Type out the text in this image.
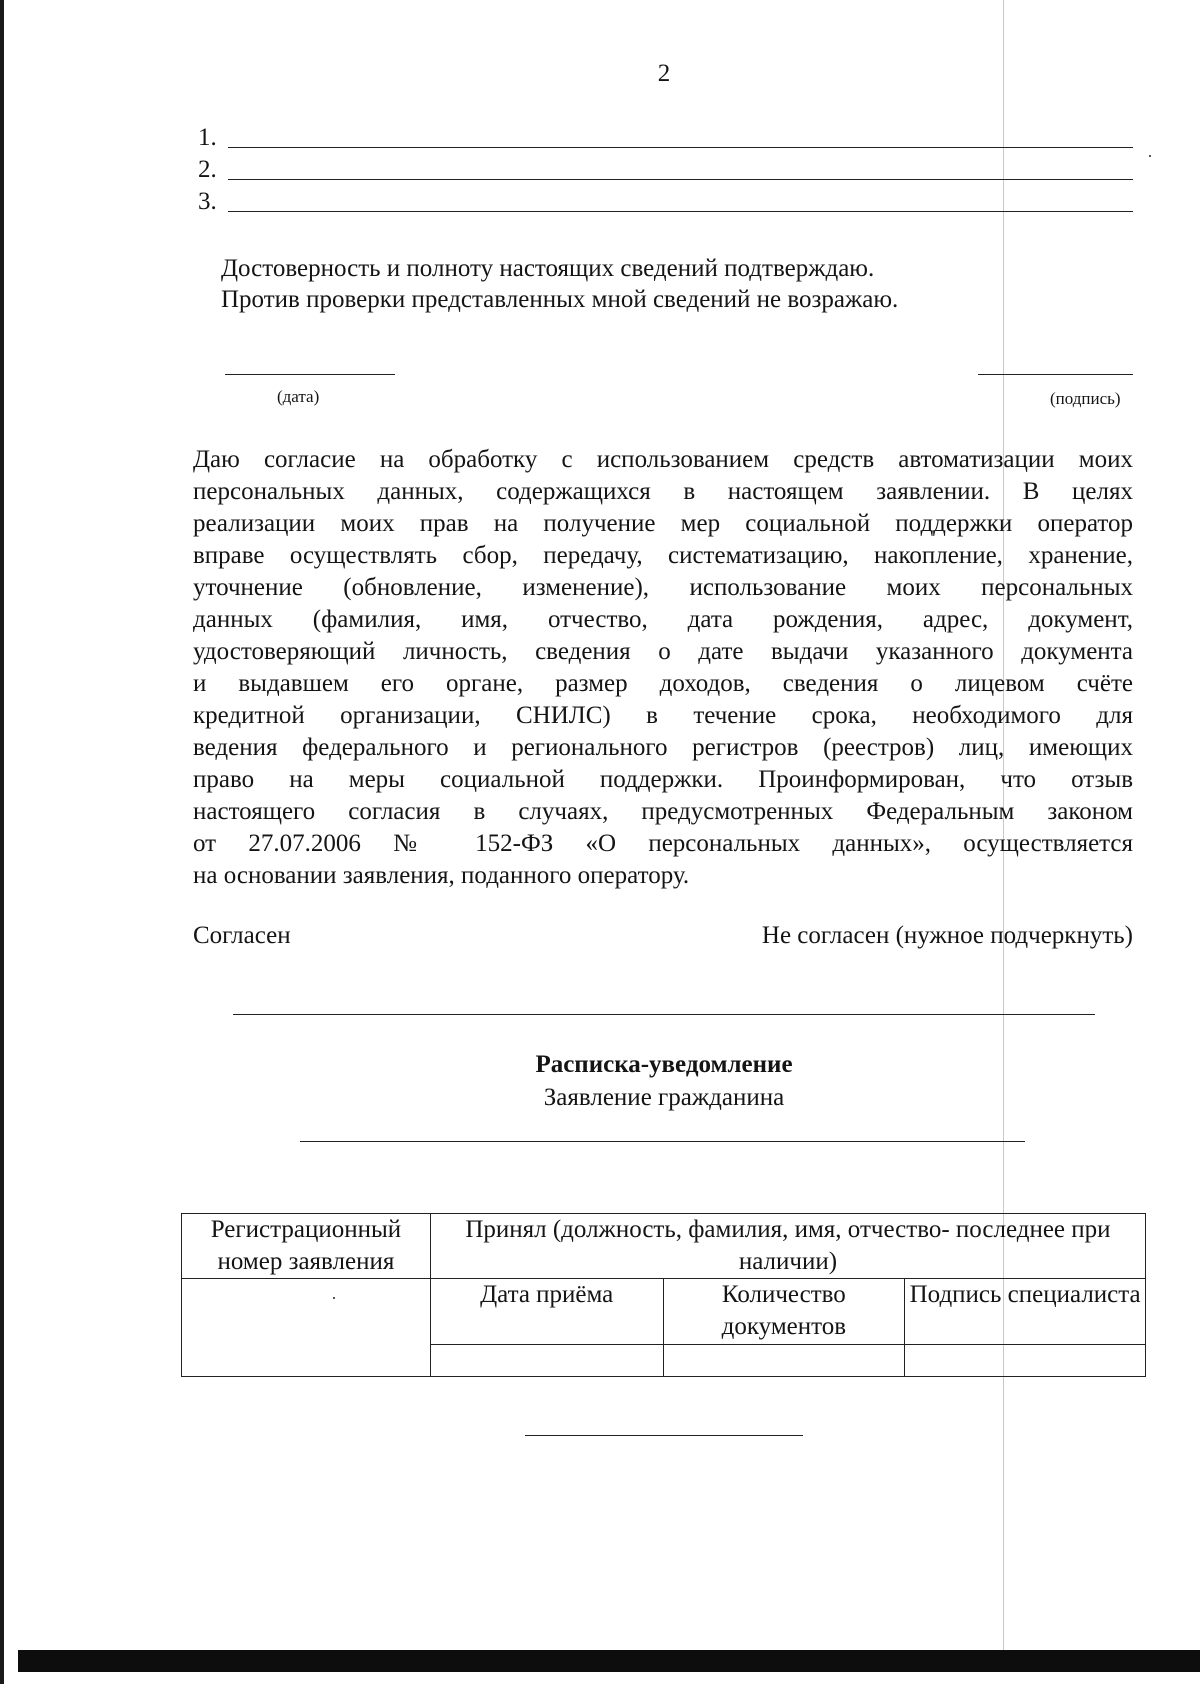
2
1.
2.
3.
Достоверность и полноту настоящих сведений подтверждаю.
Против проверки представленных мной сведений не возражаю.
(дата)	(подпись)
Даю согласие на обработку с использованием средств автоматизации моих
персональных данных, содержащихся в настоящем заявлении. В целях
реализации моих прав на получение мер социальной поддержки оператор
вправе осуществлять сбор, передачу, систематизацию, накопление, хранение,
уточнение (обновление, изменение), использование моих персональных
данных (фамилия, имя, отчество, дата рождения, адрес, документ,
удостоверяющий личность, сведения о дате выдачи указанного документа
и выдавшем его органе, размер доходов, сведения о лицевом счёте
кредитной организации, СНИЛС) в течение срока, необходимого для
ведения федерального и регионального регистров (реестров) лиц, имеющих
право на меры социальной поддержки. Проинформирован, что отзыв
настоящего согласия в случаях, предусмотренных Федеральным законом
от 27.07.2006 № 152-ФЗ «О персональных данных», осуществляется
на основании заявления, поданного оператору.
Согласен	Не согласен (нужное подчеркнуть)
Расписка-уведомление
Заявление гражданина
Регистрационный номер заявления	Принял (должность, фамилия, имя, отчество- последнее при наличии)		
	Дата приёма	Количество документов	Подпись специалиста
